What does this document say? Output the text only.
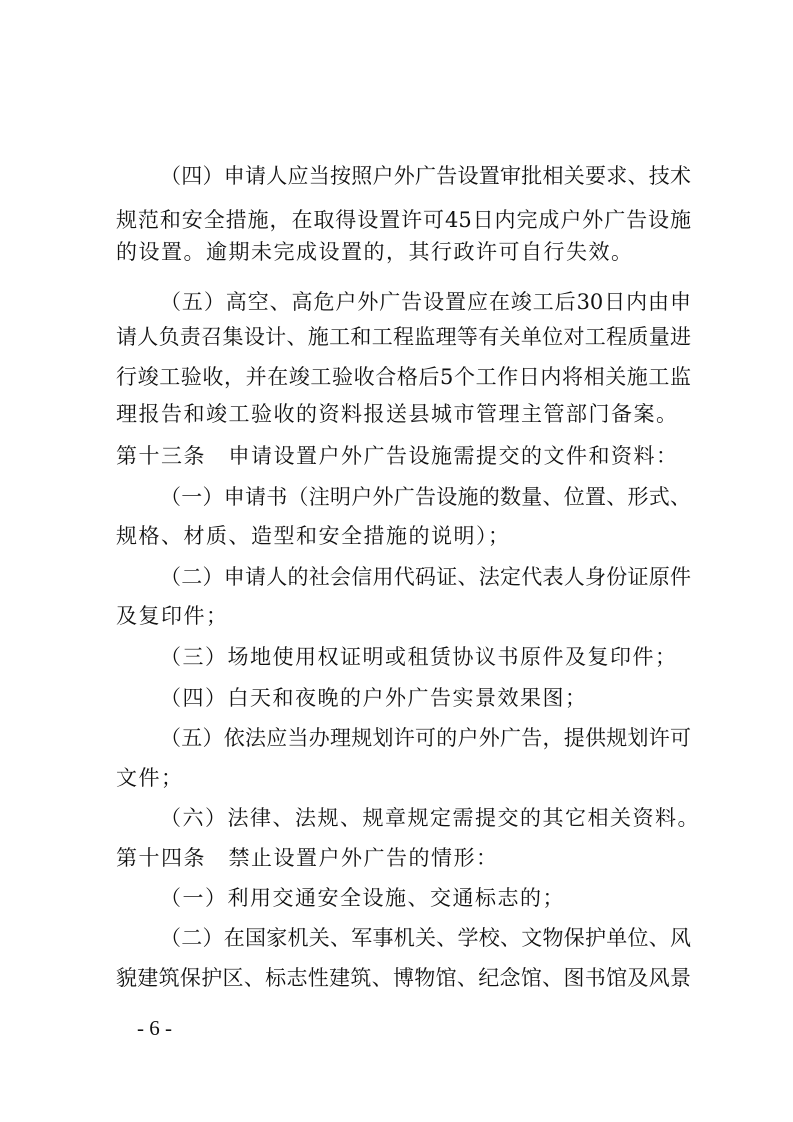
（四）申请人应当按照户外广告设置审批相关要求、技术
规范和安全措施，在取得设置许可45日内完成户外广告设施
的设置。逾期未完成设置的，其行政许可自行失效。
（五）高空、高危户外广告设置应在竣工后30日内由申
请人负责召集设计、施工和工程监理等有关单位对工程质量进
行竣工验收，并在竣工验收合格后5个工作日内将相关施工监
理报告和竣工验收的资料报送县城市管理主管部门备案。
第十三条　申请设置户外广告设施需提交的文件和资料：
（一）申请书（注明户外广告设施的数量、位置、形式、
规格、材质、造型和安全措施的说明）；
（二）申请人的社会信用代码证、法定代表人身份证原件
及复印件；
（三）场地使用权证明或租赁协议书原件及复印件；
（四）白天和夜晚的户外广告实景效果图；
（五）依法应当办理规划许可的户外广告，提供规划许可
文件；
（六）法律、法规、规章规定需提交的其它相关资料。
第十四条　禁止设置户外广告的情形：
（一）利用交通安全设施、交通标志的；
（二）在国家机关、军事机关、学校、文物保护单位、风
貌建筑保护区、标志性建筑、博物馆、纪念馆、图书馆及风景
- 6 -
